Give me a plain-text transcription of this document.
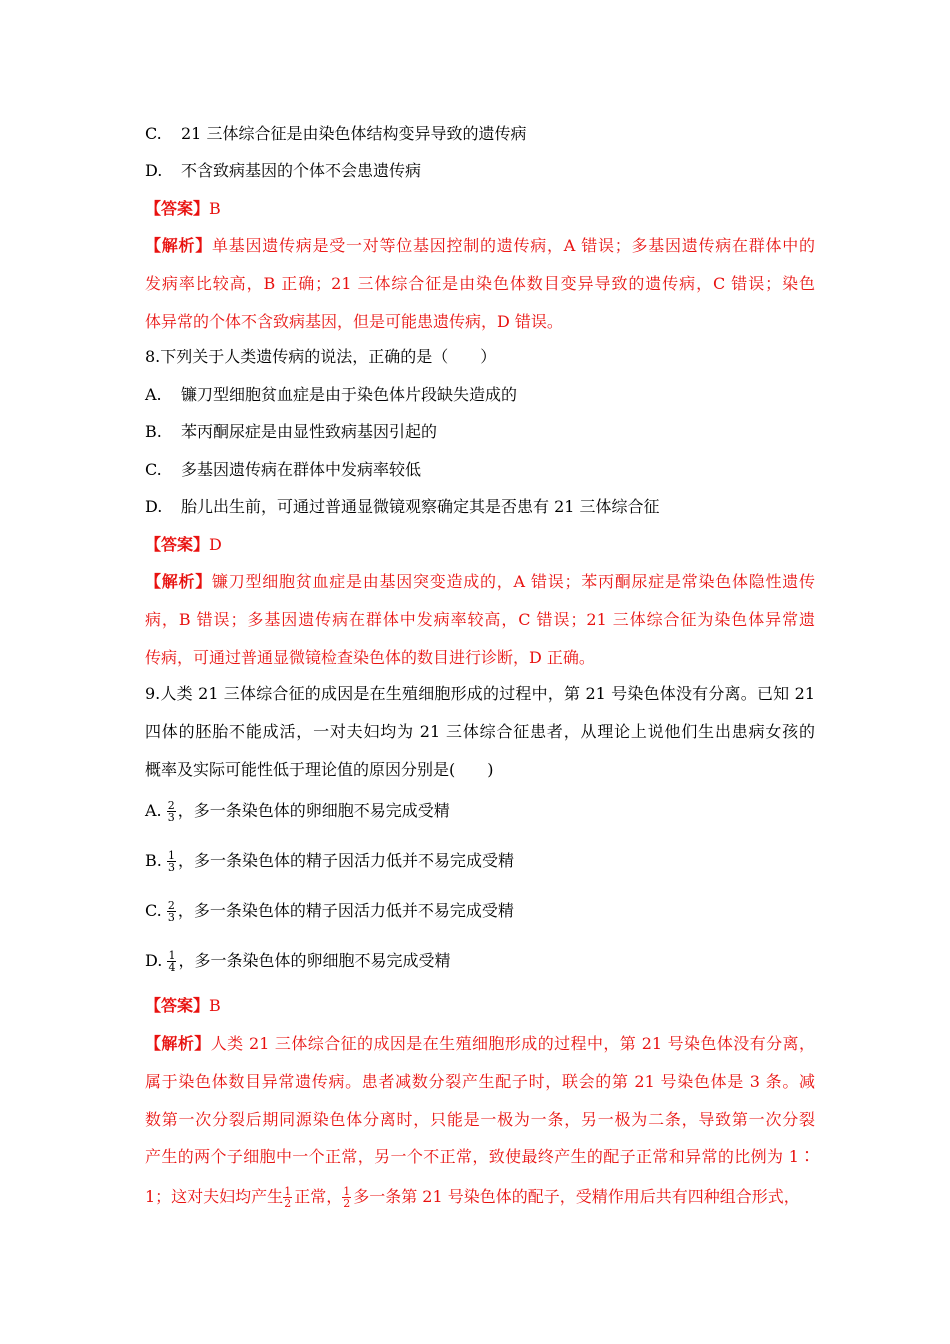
C. 21 三体综合征是由染色体结构变异导致的遗传病
D. 不含致病基因的个体不会患遗传病
【答案】B
【解析】单基因遗传病是受一对等位基因控制的遗传病，A 错误；多基因遗传病在群体中的
发病率比较高，B 正确；21 三体综合征是由染色体数目变异导致的遗传病，C 错误；染色
体异常的个体不含致病基因，但是可能患遗传病，D 错误。
8.下列关于人类遗传病的说法，正确的是（　　）
A. 镰刀型细胞贫血症是由于染色体片段缺失造成的
B. 苯丙酮尿症是由显性致病基因引起的
C. 多基因遗传病在群体中发病率较低
D. 胎儿出生前，可通过普通显微镜观察确定其是否患有 21 三体综合征
【答案】D
【解析】镰刀型细胞贫血症是由基因突变造成的，A 错误；苯丙酮尿症是常染色体隐性遗传
病，B 错误；多基因遗传病在群体中发病率较高，C 错误；21 三体综合征为染色体异常遗
传病，可通过普通显微镜检查染色体的数目进行诊断，D 正确。
9.人类 21 三体综合征的成因是在生殖细胞形成的过程中，第 21 号染色体没有分离。已知 21
四体的胚胎不能成活，一对夫妇均为 21 三体综合征患者，从理论上说他们生出患病女孩的
概率及实际可能性低于理论值的原因分别是(　　)
A. $\frac{2}{3}$ ，多一条染色体的卵细胞不易完成受精
B. $\frac{1}{3}$ ，多一条染色体的精子因活力低并不易完成受精
C. $\frac{2}{3}$ ，多一条染色体的精子因活力低并不易完成受精
D. $\frac{1}{4}$ ，多一条染色体的卵细胞不易完成受精
【答案】B
【解析】人类 21 三体综合征的成因是在生殖细胞形成的过程中，第 21 号染色体没有分离，
属于染色体数目异常遗传病。患者减数分裂产生配子时，联会的第 21 号染色体是 3 条。减
数第一次分裂后期同源染色体分离时，只能是一极为一条，另一极为二条，导致第一次分裂
产生的两个子细胞中一个正常，另一个不正常，致使最终产生的配子正常和异常的比例为 1∶
1；这对夫妇均产生 $\frac{1}{2}$ 正常， $\frac{1}{2}$ 多一条第 21 号染色体的配子，受精作用后共有四种组合形式，
